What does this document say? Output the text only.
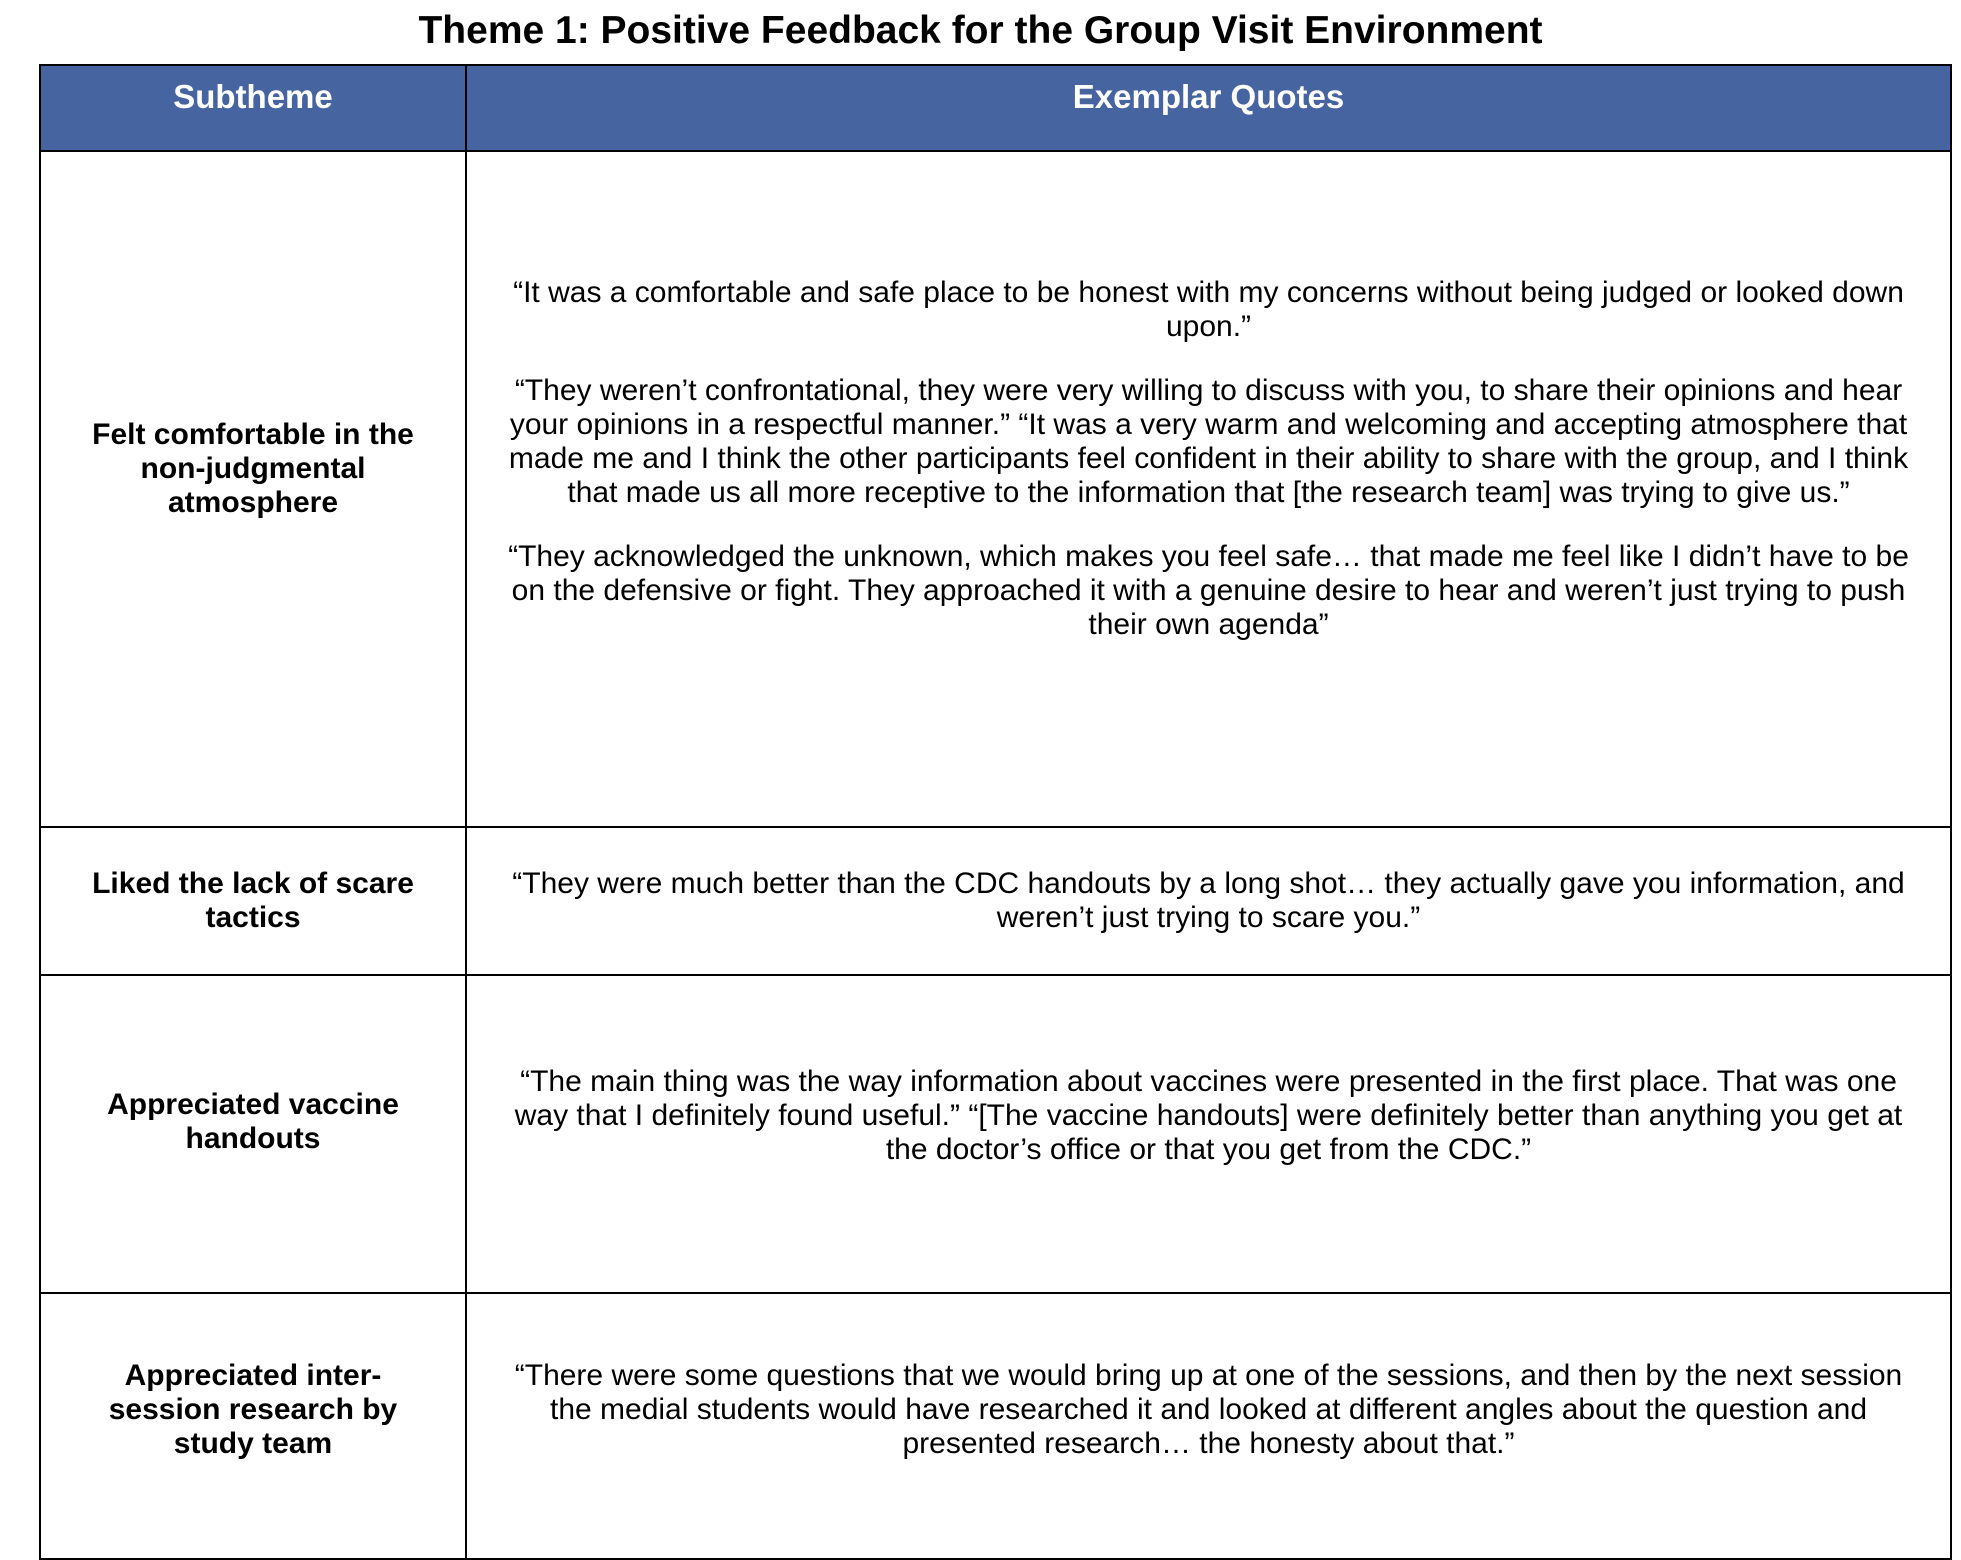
Theme 1: Positive Feedback for the Group Visit Environment
Subtheme	Exemplar Quotes
Felt comfortable in the non-judgmental atmosphere	“It was a comfortable and safe place to be honest with my concerns without being judged or looked down upon.”

“They weren’t confrontational, they were very willing to discuss with you, to share their opinions and hear your opinions in a respectful manner.” “It was a very warm and welcoming and accepting atmosphere that made me and I think the other participants feel confident in their ability to share with the group, and I think that made us all more receptive to the information that [the research team] was trying to give us.”

“They acknowledged the unknown, which makes you feel safe… that made me feel like I didn’t have to be on the defensive or fight. They approached it with a genuine desire to hear and weren’t just trying to push their own agenda”

Liked the lack of scare tactics	“They were much better than the CDC handouts by a long shot… they actually gave you information, and weren’t just trying to scare you.”

Appreciated vaccine handouts	“The main thing was the way information about vaccines were presented in the first place. That was one way that I definitely found useful.” “[The vaccine handouts] were definitely better than anything you get at the doctor’s office or that you get from the CDC.”

Appreciated inter-session research by study team	“There were some questions that we would bring up at one of the sessions, and then by the next session the medial students would have researched it and looked at different angles about the question and presented research… the honesty about that.”
